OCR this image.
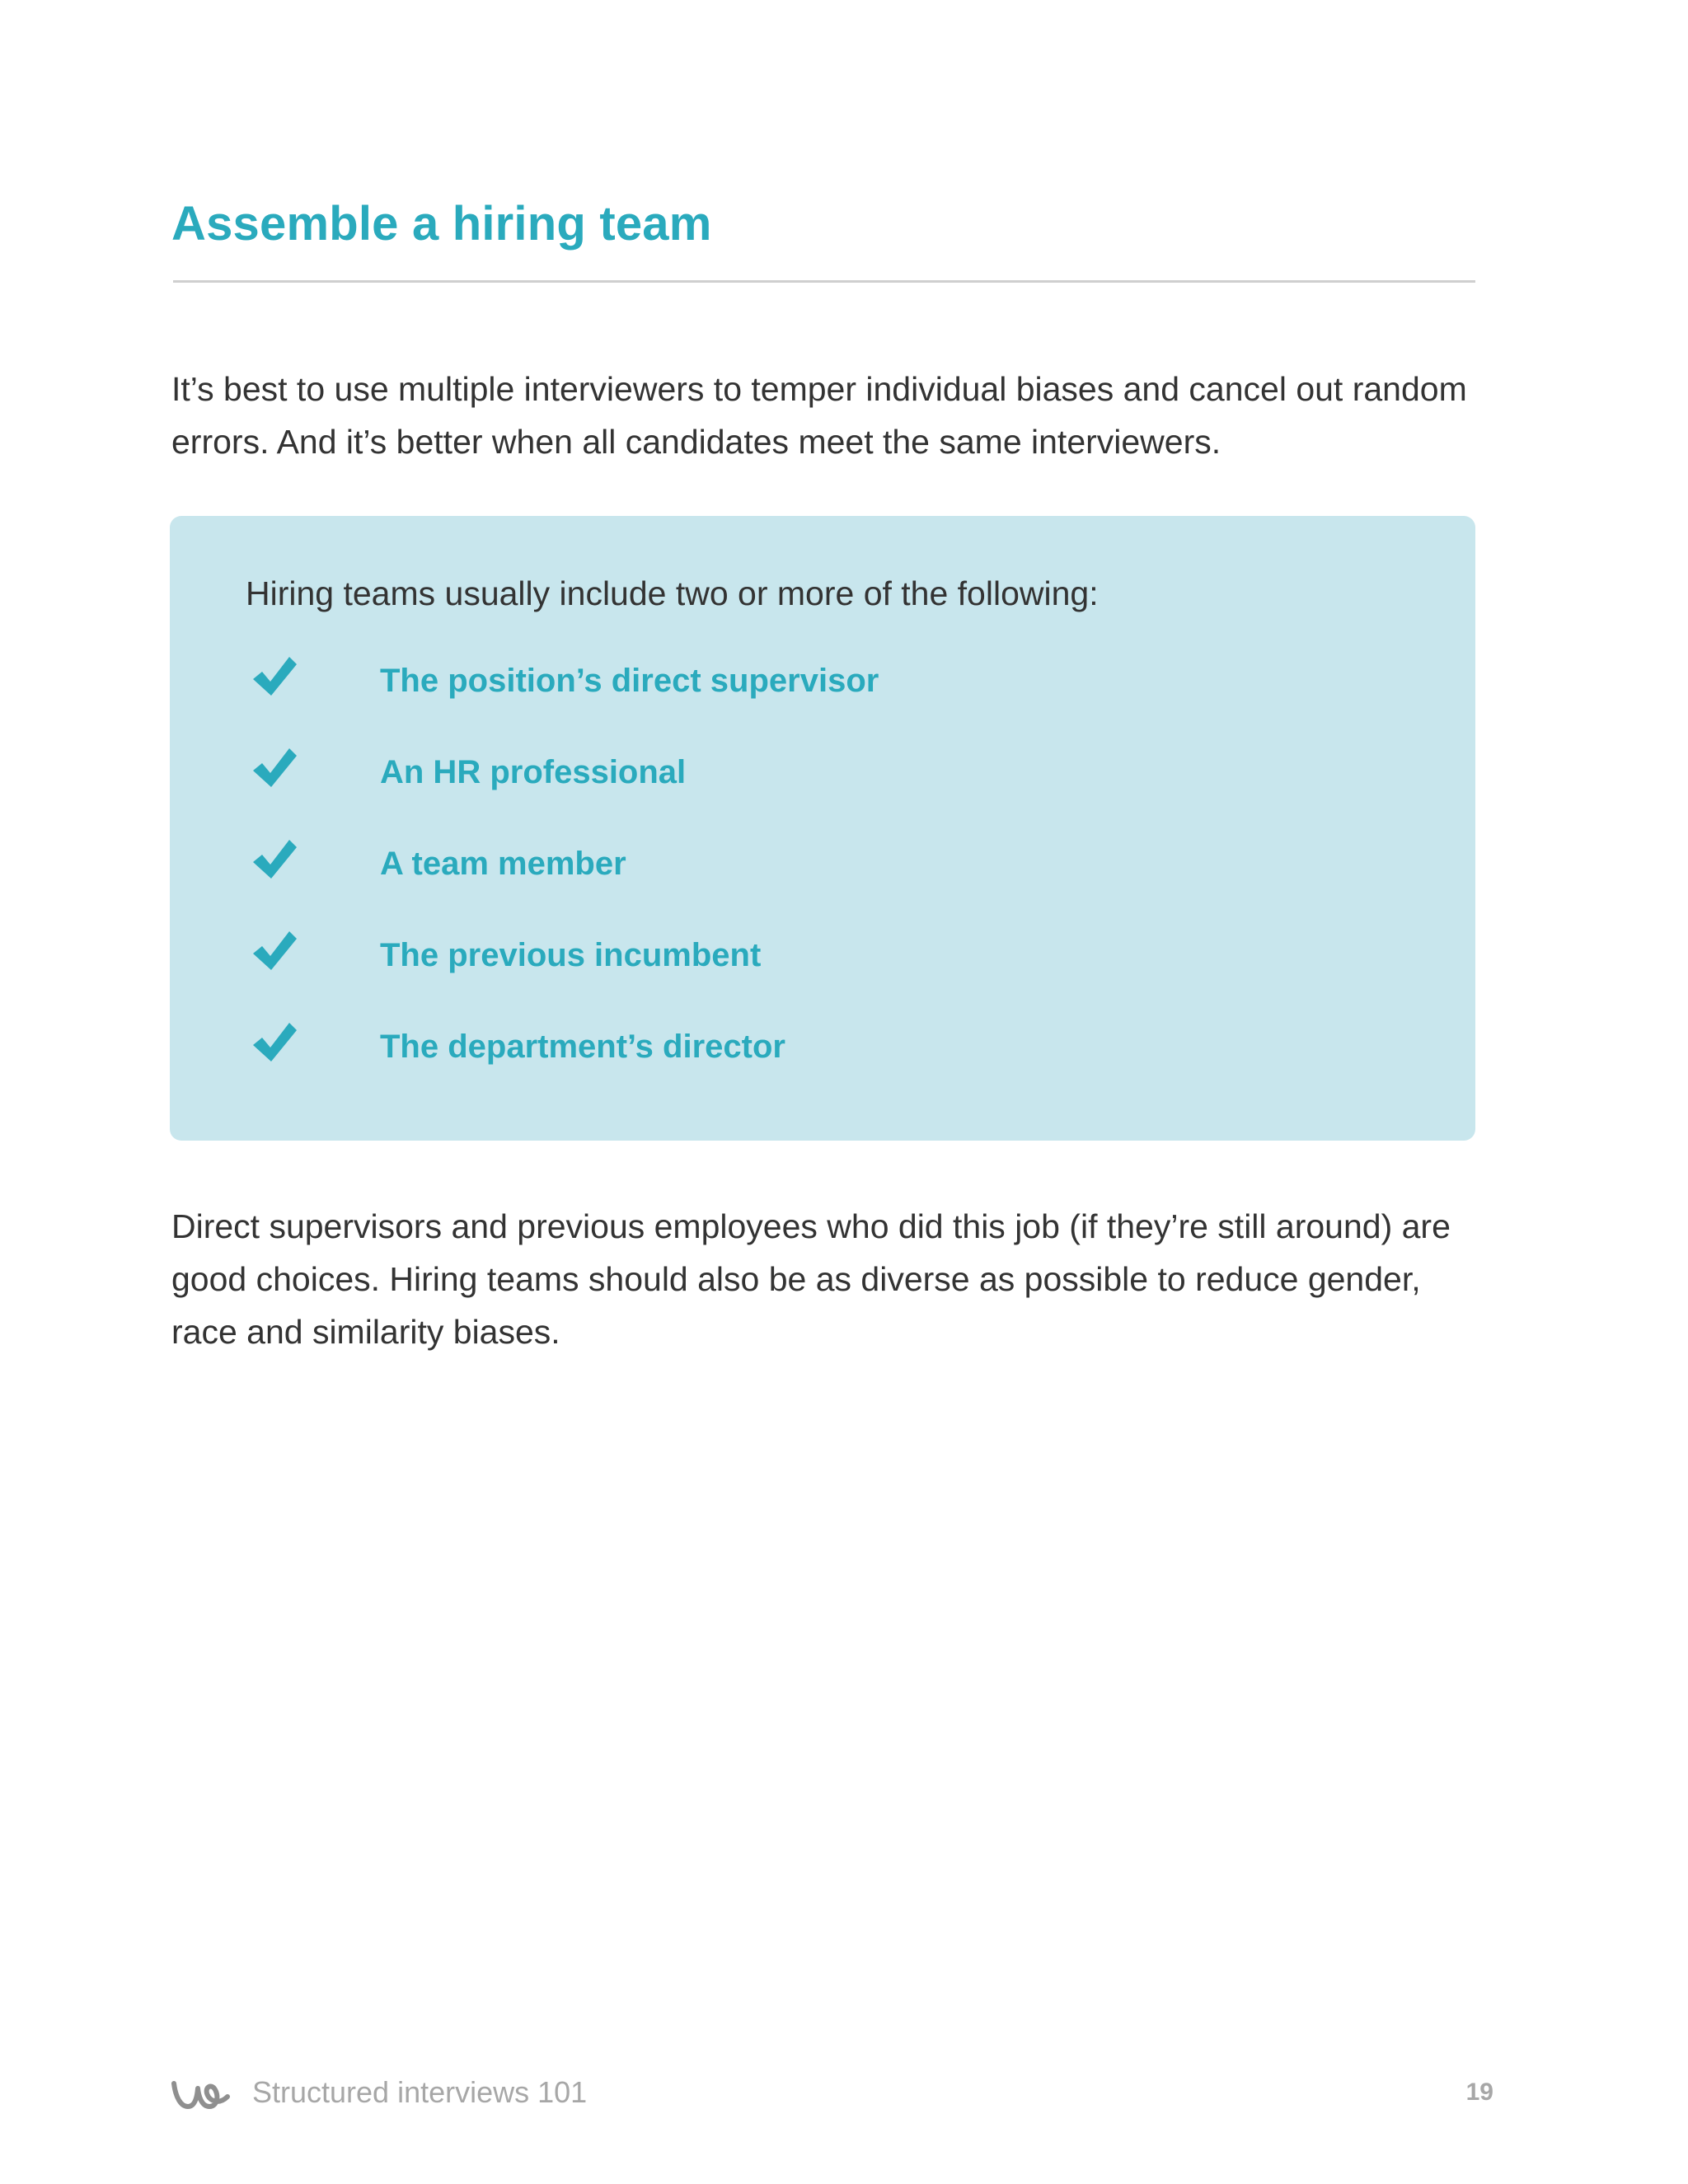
Assemble a hiring team

It’s best to use multiple interviewers to temper individual biases and cancel out random errors. And it’s better when all candidates meet the same interviewers.

Hiring teams usually include two or more of the following:

The position’s direct supervisor
An HR professional
A team member
The previous incumbent
The department’s director

Direct supervisors and previous employees who did this job (if they’re still around) are good choices. Hiring teams should also be as diverse as possible to reduce gender, race and similarity biases.

Structured interviews 101	19
